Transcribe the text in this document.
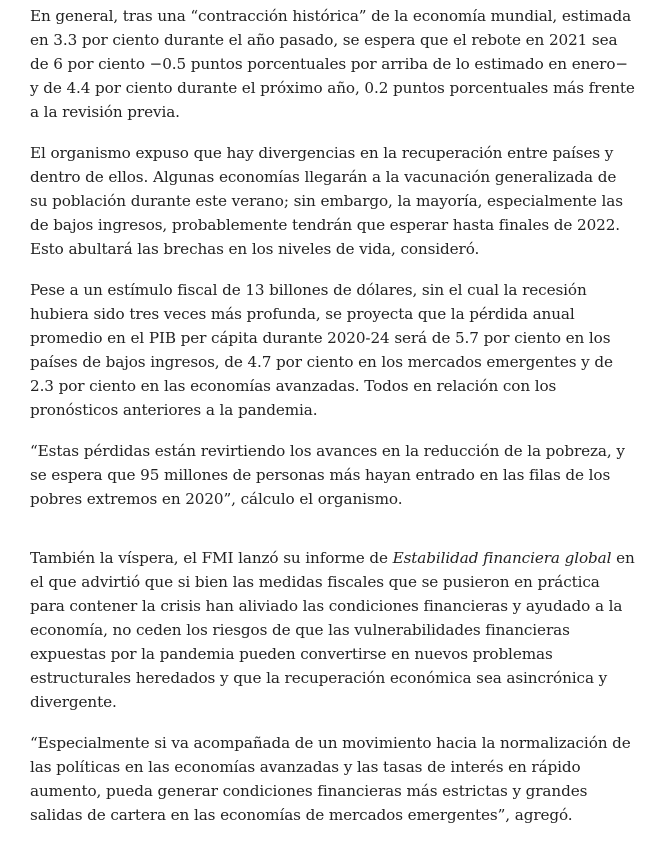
En general, tras una “contracción histórica” de la economía mundial, estimada en 3.3 por ciento durante el año pasado, se espera que el rebote en 2021 sea de 6 por ciento −0.5 puntos porcentuales por arriba de lo estimado en enero− y de 4.4 por ciento durante el próximo año, 0.2 puntos porcentuales más frente a la revisión previa.

El organismo expuso que hay divergencias en la recuperación entre países y dentro de ellos. Algunas economías llegarán a la vacunación generalizada de su población durante este verano; sin embargo, la mayoría, especialmente las de bajos ingresos, probablemente tendrán que esperar hasta finales de 2022. Esto abultará las brechas en los niveles de vida, consideró.

Pese a un estímulo fiscal de 13 billones de dólares, sin el cual la recesión hubiera sido tres veces más profunda, se proyecta que la pérdida anual promedio en el PIB per cápita durante 2020-24 será de 5.7 por ciento en los países de bajos ingresos, de 4.7 por ciento en los mercados emergentes y de 2.3 por ciento en las economías avanzadas. Todos en relación con los pronósticos anteriores a la pandemia.

“Estas pérdidas están revirtiendo los avances en la reducción de la pobreza, y se espera que 95 millones de personas más hayan entrado en las filas de los pobres extremos en 2020”, cálculo el organismo.

También la víspera, el FMI lanzó su informe de Estabilidad financiera global en el que advirtió que si bien las medidas fiscales que se pusieron en práctica para contener la crisis han aliviado las condiciones financieras y ayudado a la economía, no ceden los riesgos de que las vulnerabilidades financieras expuestas por la pandemia pueden convertirse en nuevos problemas estructurales heredados y que la recuperación económica sea asincrónica y divergente.

“Especialmente si va acompañada de un movimiento hacia la normalización de las políticas en las economías avanzadas y las tasas de interés en rápido aumento, pueda generar condiciones financieras más estrictas y grandes salidas de cartera en las economías de mercados emergentes”, agregó.
